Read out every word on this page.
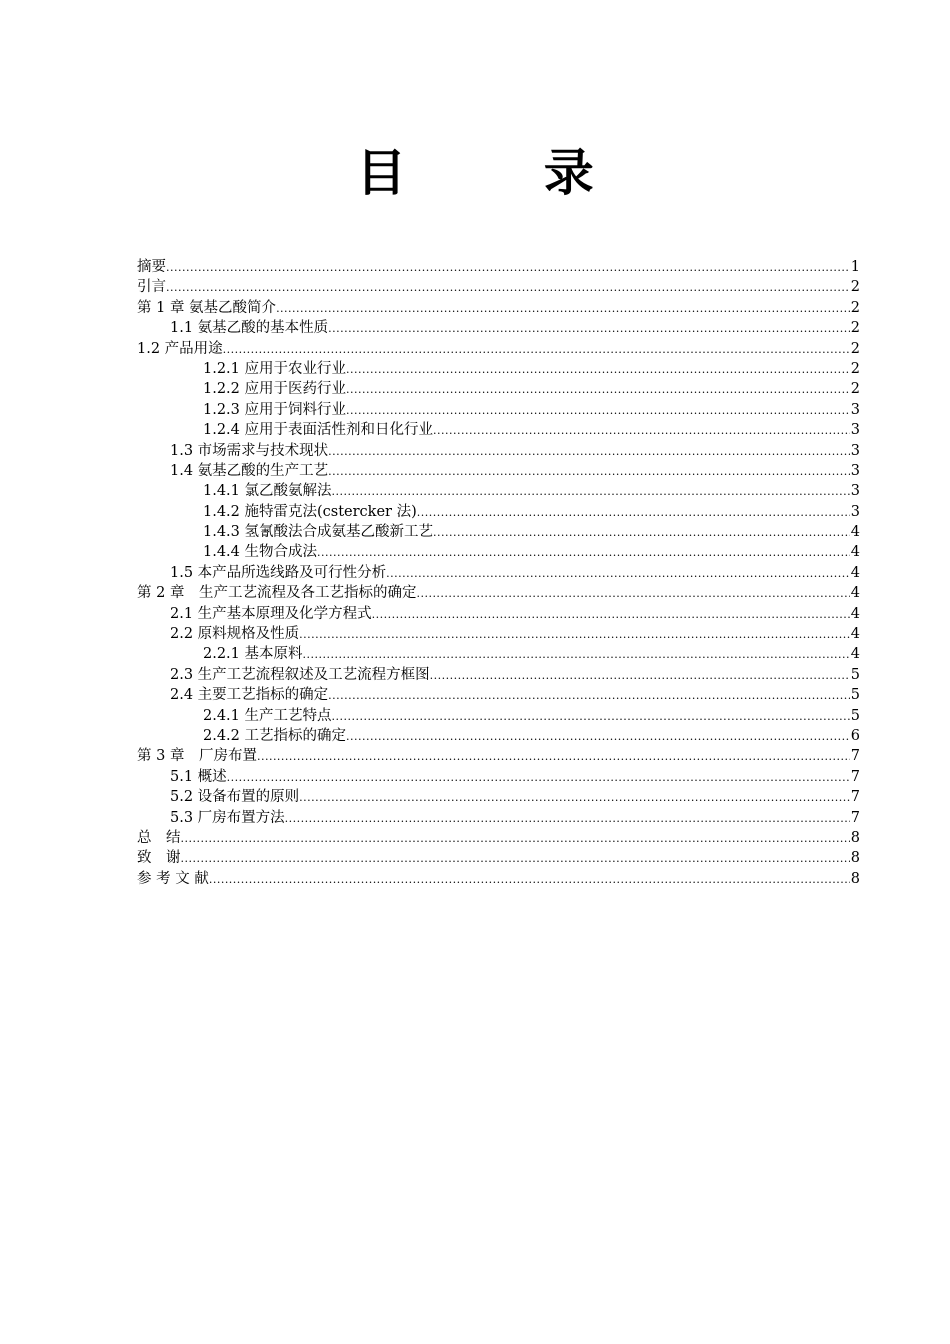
目 录
摘要 .....	1
引言 .....	2
第 1 章 氨基乙酸简介 .....	2
1.1 氨基乙酸的基本性质 .....	2
1.2 产品用途 .....	2
1.2.1 应用于农业行业 .....	2
1.2.2 应用于医药行业 .....	2
1.2.3 应用于饲料行业 .....	3
1.2.4 应用于表面活性剂和日化行业 .....	3
1.3 市场需求与技术现状 .....	3
1.4 氨基乙酸的生产工艺 .....	3
1.4.1 氯乙酸氨解法 .....	3
1.4.2 施特雷克法(cstercker 法) .....	3
1.4.3 氢氰酸法合成氨基乙酸新工艺 .....	4
1.4.4 生物合成法 .....	4
1.5 本产品所选线路及可行性分析 .....	4
第 2 章　生产工艺流程及各工艺指标的确定 .....	4
2.1 生产基本原理及化学方程式 .....	4
2.2 原料规格及性质 .....	4
2.2.1 基本原料 .....	4
2.3 生产工艺流程叙述及工艺流程方框图 .....	5
2.4 主要工艺指标的确定 .....	5
2.4.1 生产工艺特点 .....	5
2.4.2 工艺指标的确定 .....	6
第 3 章　厂房布置 .....	7
5.1 概述 .....	7
5.2 设备布置的原则 .....	7
5.3 厂房布置方法 .....	7
总　结 .....	8
致　谢 .....	8
参 考 文 献 .....	8
